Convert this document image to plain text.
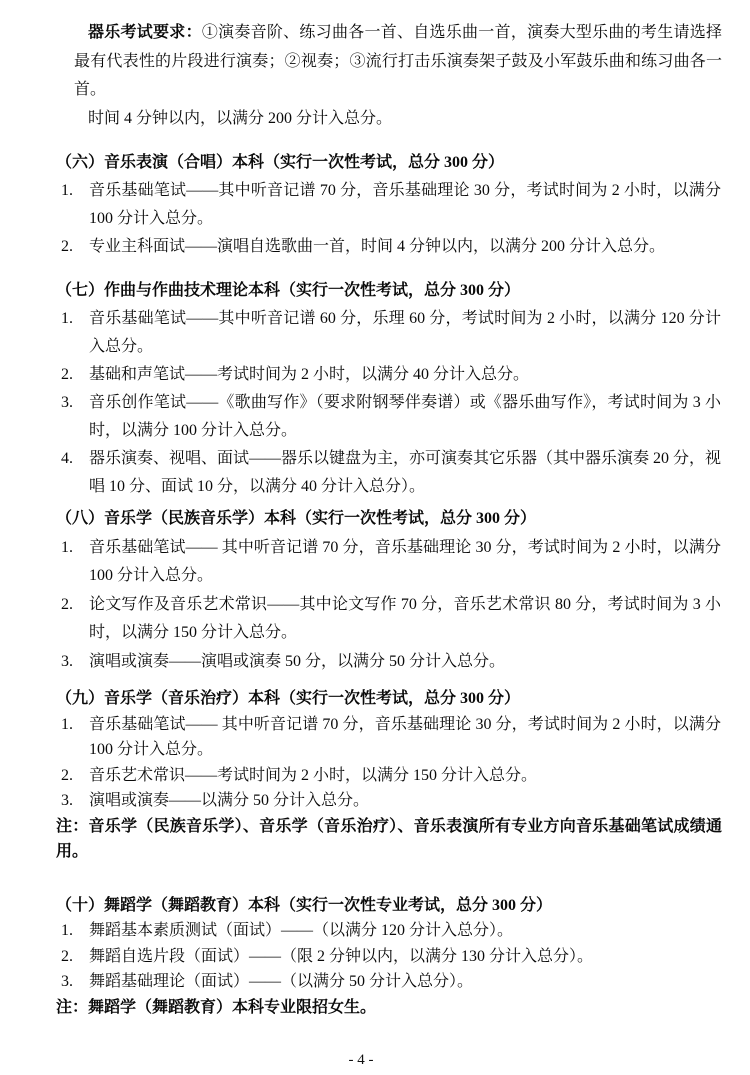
器乐考试要求：①演奏音阶、练习曲各一首、自选乐曲一首，演奏大型乐曲的考生请选择最有代表性的片段进行演奏；②视奏；③流行打击乐演奏架子鼓及小军鼓乐曲和练习曲各一首。

时间 4 分钟以内，以满分 200 分计入总分。

（六）音乐表演（合唱）本科（实行一次性考试，总分 300 分）

1. 音乐基础笔试——其中听音记谱 70 分，音乐基础理论 30 分，考试时间为 2 小时，以满分 100 分计入总分。
2. 专业主科面试——演唱自选歌曲一首，时间 4 分钟以内，以满分 200 分计入总分。

（七）作曲与作曲技术理论本科（实行一次性考试，总分 300 分）

1. 音乐基础笔试——其中听音记谱 60 分，乐理 60 分，考试时间为 2 小时，以满分 120 分计入总分。
2. 基础和声笔试——考试时间为 2 小时，以满分 40 分计入总分。
3. 音乐创作笔试——《歌曲写作》（要求附钢琴伴奏谱）或《器乐曲写作》，考试时间为 3 小时，以满分 100 分计入总分。
4. 器乐演奏、视唱、面试——器乐以键盘为主，亦可演奏其它乐器（其中器乐演奏 20 分，视唱 10 分、面试 10 分，以满分 40 分计入总分）。

（八）音乐学（民族音乐学）本科（实行一次性考试，总分 300 分）

1. 音乐基础笔试—— 其中听音记谱 70 分，音乐基础理论 30 分，考试时间为 2 小时，以满分 100 分计入总分。
2. 论文写作及音乐艺术常识——其中论文写作 70 分，音乐艺术常识 80 分，考试时间为 3 小时，以满分 150 分计入总分。
3. 演唱或演奏——演唱或演奏 50 分，以满分 50 分计入总分。

（九）音乐学（音乐治疗）本科（实行一次性考试，总分 300 分）

1. 音乐基础笔试—— 其中听音记谱 70 分，音乐基础理论 30 分，考试时间为 2 小时，以满分 100 分计入总分。
2. 音乐艺术常识——考试时间为 2 小时，以满分 150 分计入总分。
3. 演唱或演奏——以满分 50 分计入总分。

注：音乐学（民族音乐学）、音乐学（音乐治疗）、音乐表演所有专业方向音乐基础笔试成绩通用。

（十）舞蹈学（舞蹈教育）本科（实行一次性专业考试，总分 300 分）

1. 舞蹈基本素质测试（面试）——（以满分 120 分计入总分）。
2. 舞蹈自选片段（面试）——（限 2 分钟以内，以满分 130 分计入总分）。
3. 舞蹈基础理论（面试）——（以满分 50 分计入总分）。

注：舞蹈学（舞蹈教育）本科专业限招女生。

- 4 -
